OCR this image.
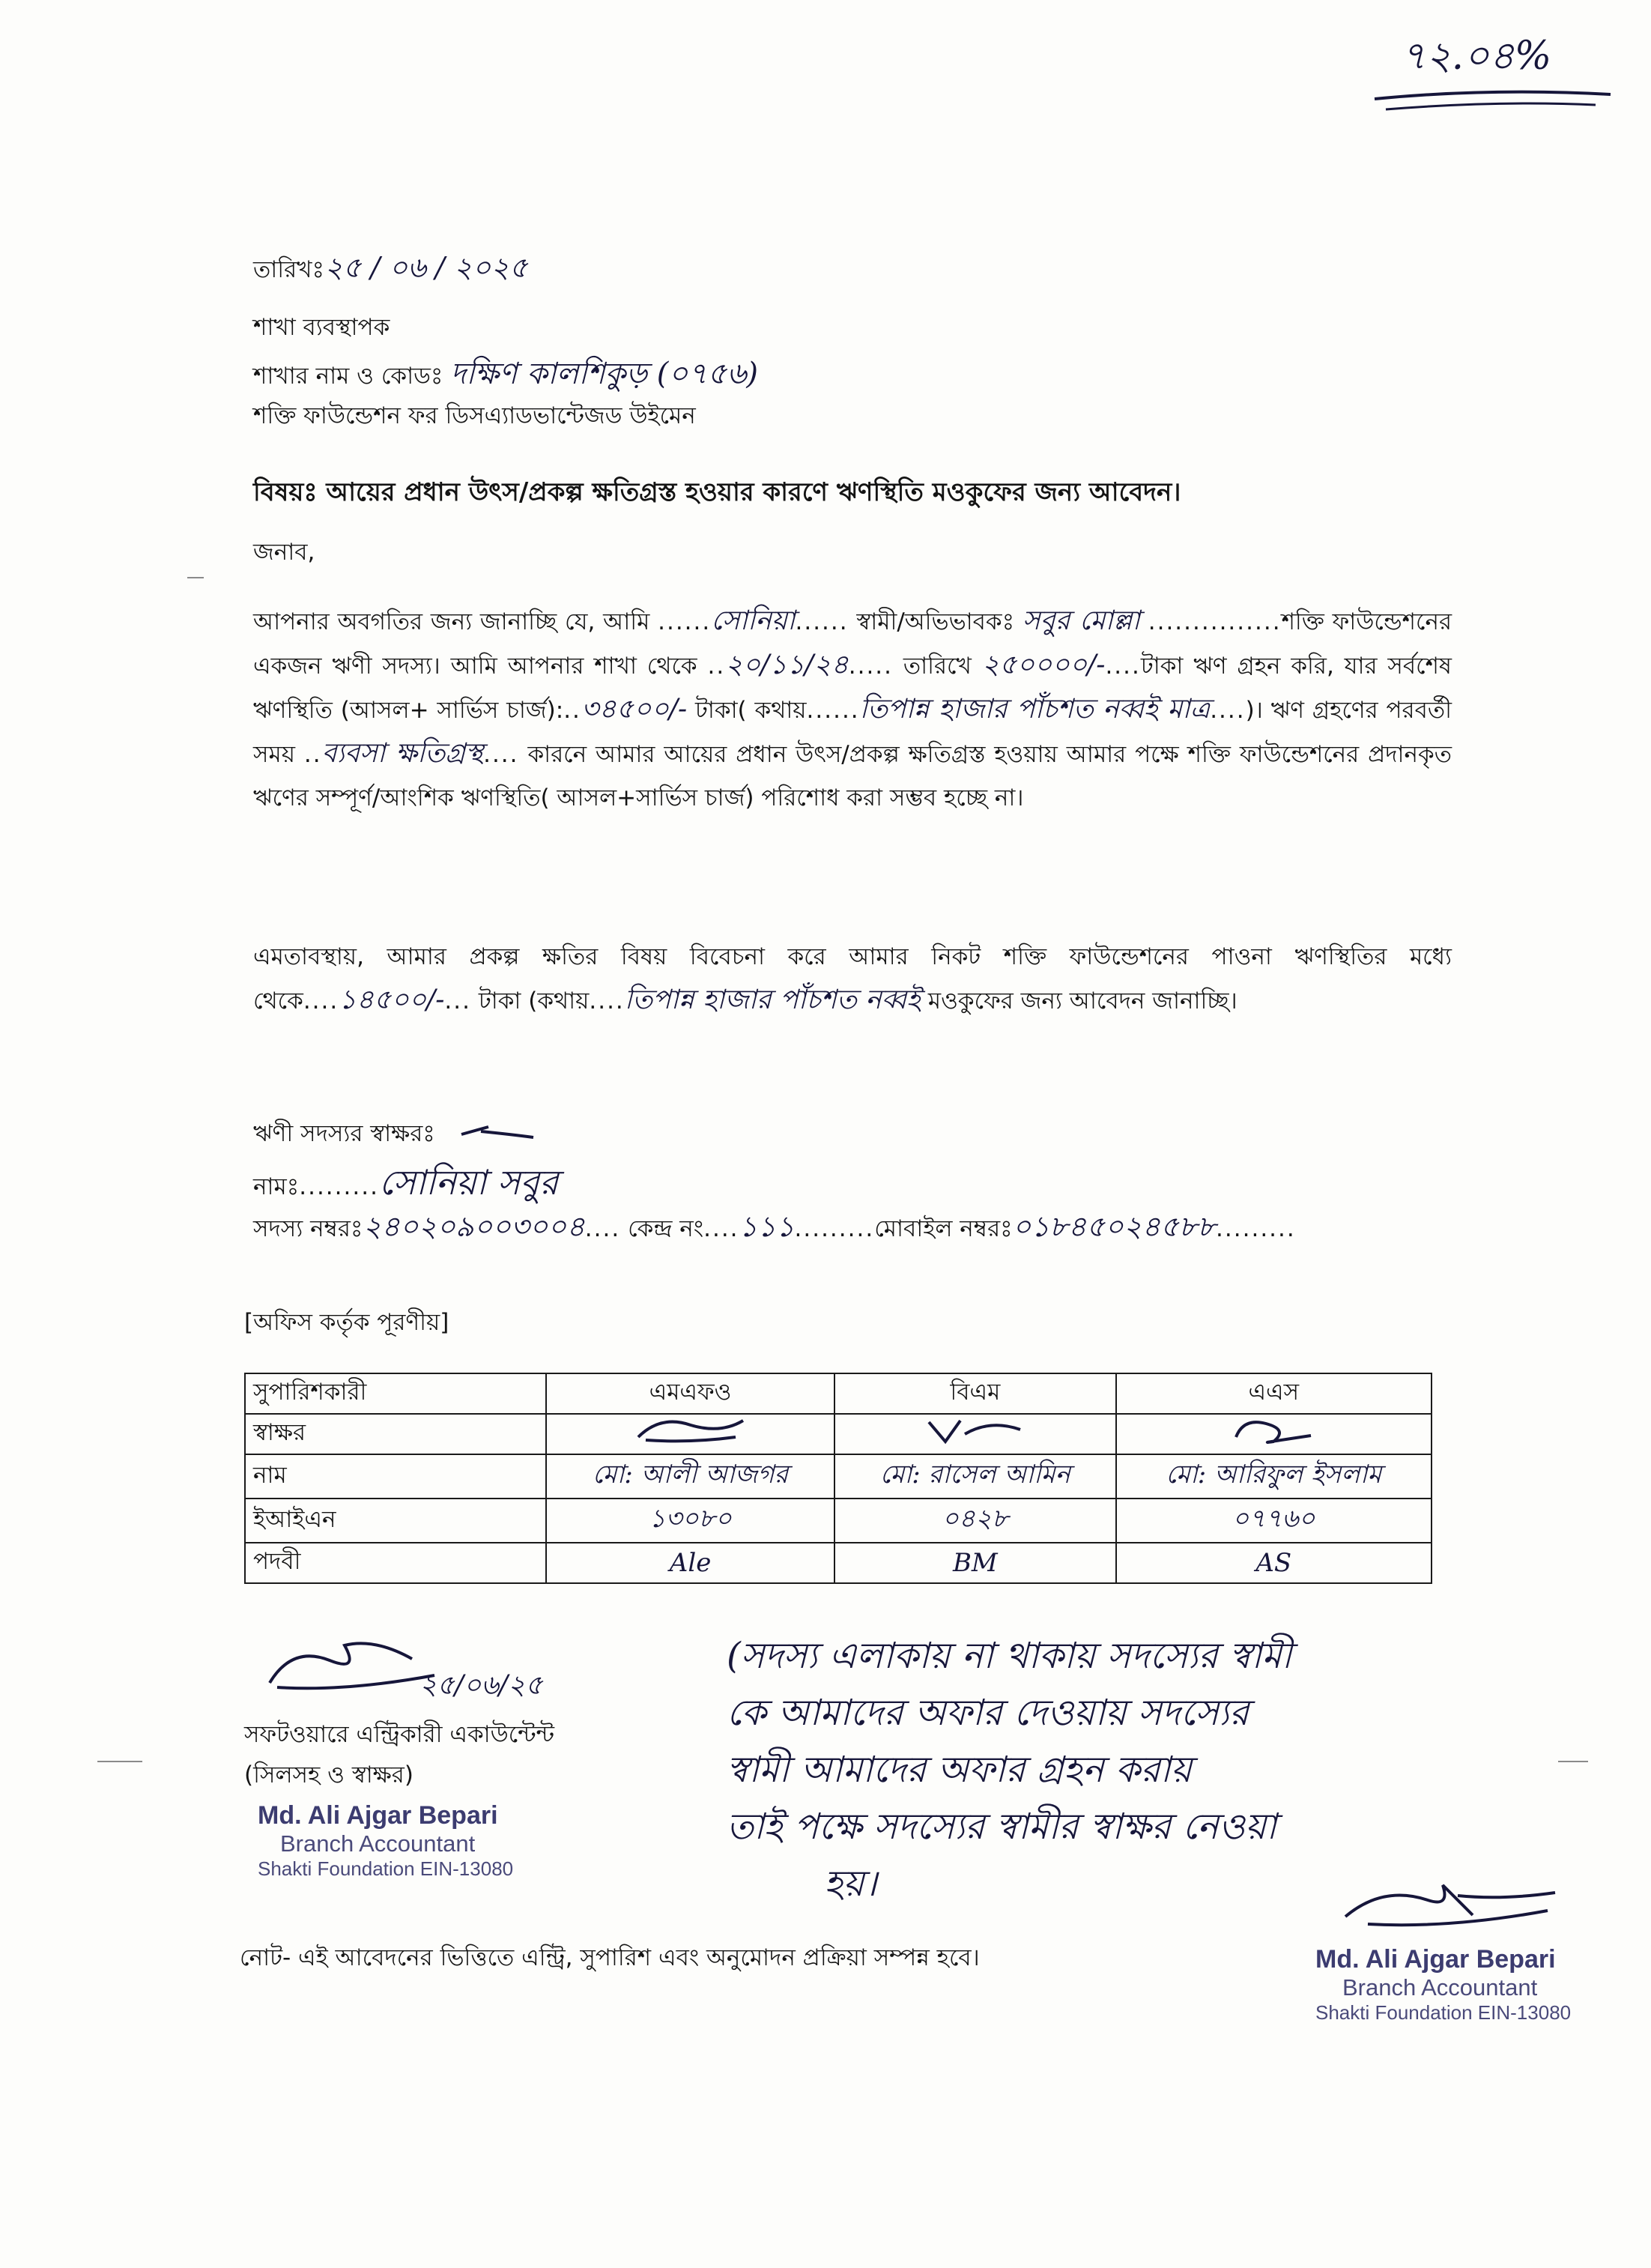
৭২.০৪%
তারিখঃ২৫ / ০৬ / ২০২৫
শাখা ব্যবস্থাপক
শাখার নাম ও কোডঃ দক্ষিণ কালশিকুড় (০৭৫৬)
শক্তি ফাউন্ডেশন ফর ডিসএ্যাডভান্টেজড উইমেন
বিষয়ঃ আয়ের প্রধান উৎস/প্রকল্প ক্ষতিগ্রস্ত হওয়ার কারণে ঋণস্থিতি মওকুফের জন্য আবেদন।
জনাব,
আপনার অবগতির জন্য জানাচ্ছি যে, আমি ......সোনিয়া...... স্বামী/অভিভাবকঃ সবুর মোল্লা ...............শক্তি ফাউন্ডেশনের একজন ঋণী সদস্য। আমি আপনার শাখা থেকে ..২০/১১/২৪..... তারিখে ২৫০০০০/-....টাকা ঋণ গ্রহন করি, যার সর্বশেষ ঋণস্থিতি (আসল+ সার্ভিস চার্জ):..৩৪৫০০/- টাকা( কথায়......তিপান্ন হাজার পাঁচশত নব্বই মাত্র....)। ঋণ গ্রহণের পরবর্তী সময় ..ব্যবসা ক্ষতিগ্রস্থ.... কারনে আমার আয়ের প্রধান উৎস/প্রকল্প ক্ষতিগ্রস্ত হওয়ায় আমার পক্ষে শক্তি ফাউন্ডেশনের প্রদানকৃত ঋণের সম্পূর্ণ/আংশিক ঋণস্থিতি( আসল+সার্ভিস চার্জ) পরিশোধ করা সম্ভব হচ্ছে না।
এমতাবস্থায়, আমার প্রকল্প ক্ষতির বিষয় বিবেচনা করে আমার নিকট শক্তি ফাউন্ডেশনের পাওনা ঋণস্থিতির মধ্যে থেকে....১৪৫০০/-... টাকা (কথায়....তিপান্ন হাজার পাঁচশত নব্বই মওকুফের জন্য আবেদন জানাচ্ছি।
ঋণী সদস্যর স্বাক্ষরঃ
নামঃ.........সোনিয়া সবুর
সদস্য নম্বরঃ২৪০২০৯০০৩০০৪.... কেন্দ্র নং....১১১.........মোবাইল নম্বরঃ০১৮৪৫০২৪৫৮৮.........
[অফিস কর্তৃক পূরণীয়]
সুপারিশকারী	এমএফও	বিএম	এএস
স্বাক্ষর			
নাম	মো: আলী আজগর	মো: রাসেল আমিন	মো: আরিফুল ইসলাম
ইআইএন	১৩০৮০	০৪২৮	০৭৭৬০
পদবী	Ale	BM	AS
২৫/০৬/২৫
সফটওয়ারে এন্ট্রিকারী একাউন্টেন্ট
(সিলসহ ও স্বাক্ষর)
Md. Ali Ajgar Bepari
Branch Accountant
Shakti Foundation EIN-13080
(সদস্য এলাকায় না থাকায় সদস্যের স্বামী
কে আমাদের অফার দেওয়ায় সদস্যের
স্বামী আমাদের অফার গ্রহন করায়
তাই পক্ষে সদস্যের স্বামীর স্বাক্ষর নেওয়া
হয়।
Md. Ali Ajgar Bepari
Branch Accountant
Shakti Foundation EIN-13080
নোট- এই আবেদনের ভিত্তিতে এন্ট্রি, সুপারিশ এবং অনুমোদন প্রক্রিয়া সম্পন্ন হবে।
